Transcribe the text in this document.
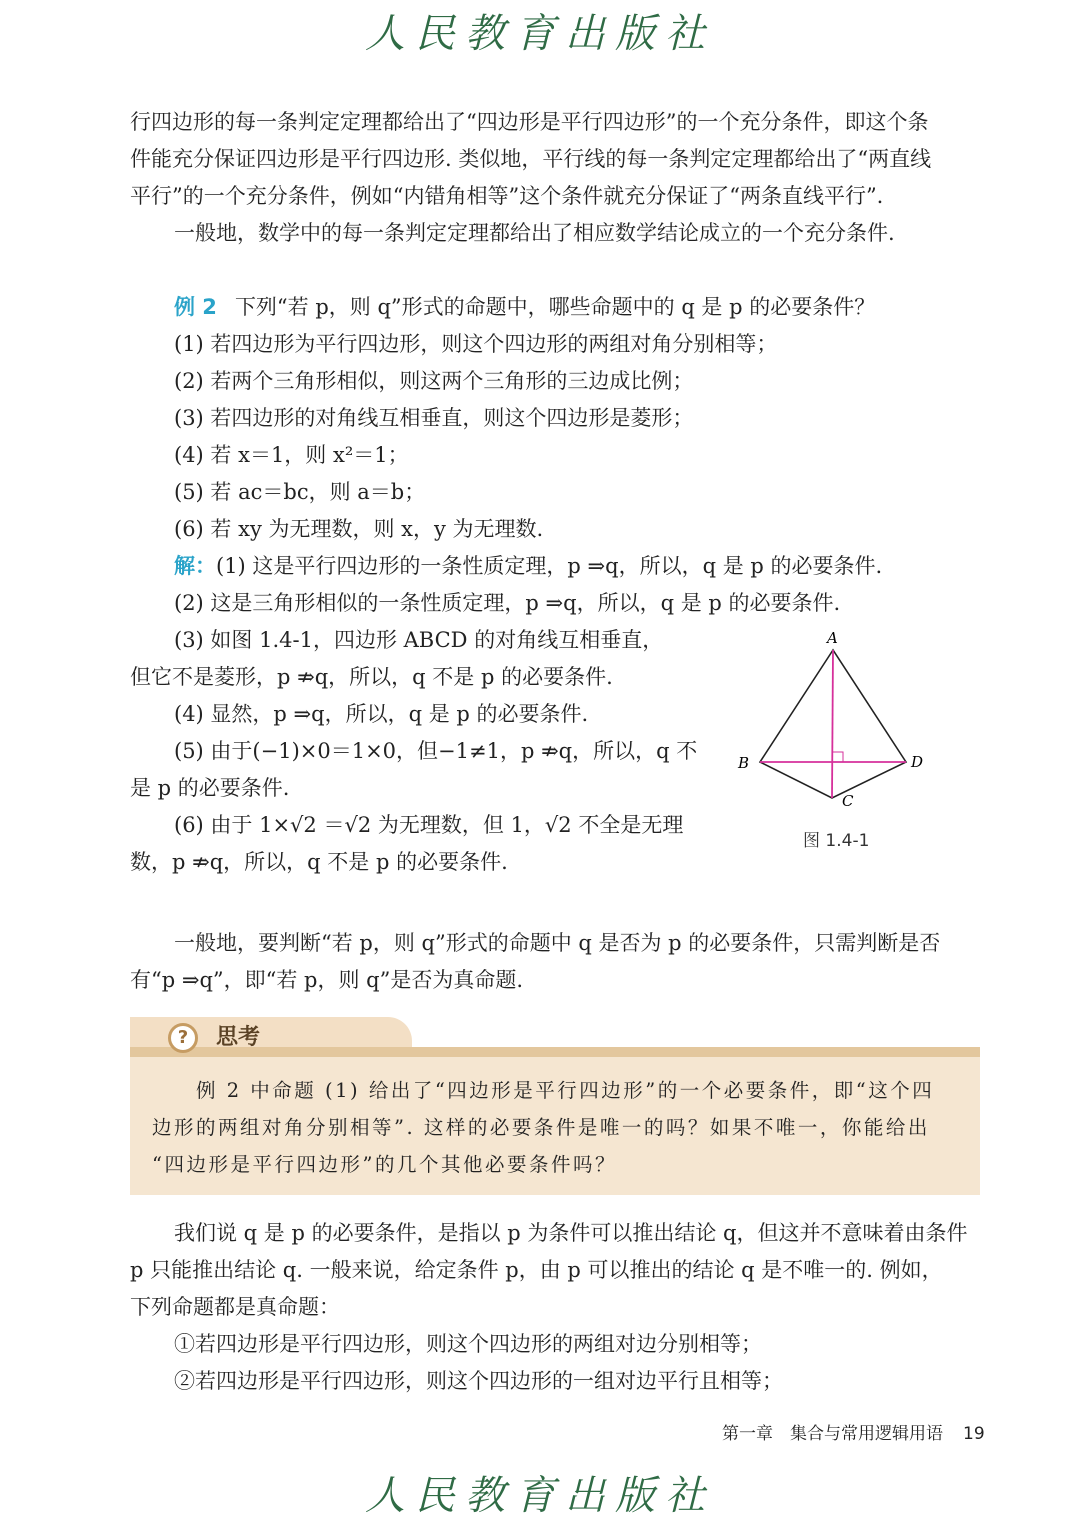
人民教育出版社
行四边形的每一条判定定理都给出了“四边形是平行四边形”的一个充分条件，即这个条
件能充分保证四边形是平行四边形. 类似地，平行线的每一条判定定理都给出了“两直线
平行”的一个充分条件，例如“内错角相等”这个条件就充分保证了“两条直线平行”.
一般地，数学中的每一条判定定理都给出了相应数学结论成立的一个充分条件.
例 2 下列“若 p，则 q”形式的命题中，哪些命题中的 q 是 p 的必要条件？
(1) 若四边形为平行四边形，则这个四边形的两组对角分别相等；
(2) 若两个三角形相似，则这两个三角形的三边成比例；
(3) 若四边形的对角线互相垂直，则这个四边形是菱形；
(4) 若 x＝1，则 x²＝1；
(5) 若 ac＝bc，则 a＝b；
(6) 若 xy 为无理数，则 x，y 为无理数.
解：(1) 这是平行四边形的一条性质定理，p ⇒q，所以，q 是 p 的必要条件.
(2) 这是三角形相似的一条性质定理，p ⇒q，所以，q 是 p 的必要条件.
(3) 如图 1.4-1，四边形 ABCD 的对角线互相垂直，
但它不是菱形，p ⇏q，所以，q 不是 p 的必要条件.
(4) 显然，p ⇒q，所以，q 是 p 的必要条件.
(5) 由于(−1)×0＝1×0，但−1≠1，p ⇏q，所以，q 不
是 p 的必要条件.
(6) 由于 1×√2 ＝√2 为无理数，但 1，√2 不全是无理
数，p ⇏q，所以，q 不是 p 的必要条件.
A
B
C
D
图 1.4-1
一般地，要判断“若 p，则 q”形式的命题中 q 是否为 p 的必要条件，只需判断是否
有“p ⇒q”，即“若 p，则 q”是否为真命题.
?	思考
例 2 中命题 (1) 给出了“四边形是平行四边形”的一个必要条件，即“这个四
边形的两组对角分别相等”. 这样的必要条件是唯一的吗？如果不唯一，你能给出
“四边形是平行四边形”的几个其他必要条件吗？
我们说 q 是 p 的必要条件，是指以 p 为条件可以推出结论 q，但这并不意味着由条件
p 只能推出结论 q. 一般来说，给定条件 p，由 p 可以推出的结论 q 是不唯一的. 例如，
下列命题都是真命题：
①若四边形是平行四边形，则这个四边形的两组对边分别相等；
②若四边形是平行四边形，则这个四边形的一组对边平行且相等；
第一章　集合与常用逻辑用语 19
人民教育出版社
